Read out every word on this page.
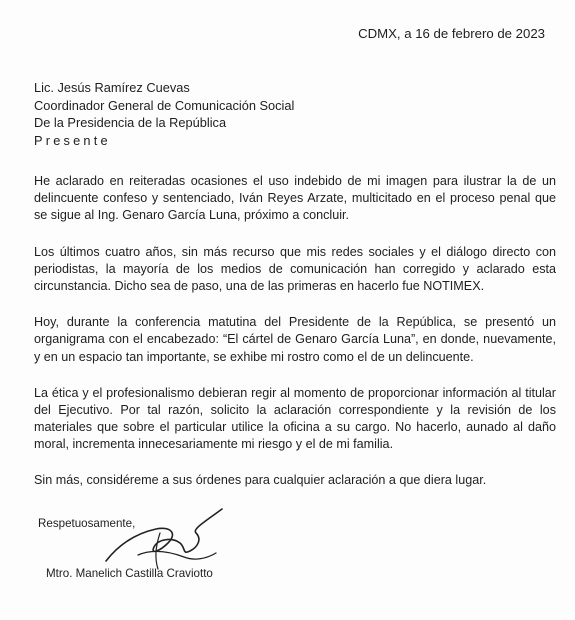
CDMX, a 16 de febrero de 2023
Lic. Jesús Ramírez Cuevas
Coordinador General de Comunicación Social
De la Presidencia de la República
Presente

He aclarado en reiteradas ocasiones el uso indebido de mi imagen para ilustrar la de un delincuente confeso y sentenciado, Iván Reyes Arzate, multicitado en el proceso penal que se sigue al Ing. Genaro García Luna, próximo a concluir.

Los últimos cuatro años, sin más recurso que mis redes sociales y el diálogo directo con periodistas, la mayoría de los medios de comunicación han corregido y aclarado esta circunstancia. Dicho sea de paso, una de las primeras en hacerlo fue NOTIMEX.

Hoy, durante la conferencia matutina del Presidente de la República, se presentó un organigrama con el encabezado: “El cártel de Genaro García Luna”, en donde, nuevamente, y en un espacio tan importante, se exhibe mi rostro como el de un delincuente.

La ética y el profesionalismo debieran regir al momento de proporcionar información al titular del Ejecutivo. Por tal razón, solicito la aclaración correspondiente y la revisión de los materiales que sobre el particular utilice la oficina a su cargo. No hacerlo, aunado al daño moral, incrementa innecesariamente mi riesgo y el de mi familia.

Sin más, considéreme a sus órdenes para cualquier aclaración a que diera lugar.
Respetuosamente,
Mtro. Manelich Castilla Craviotto
